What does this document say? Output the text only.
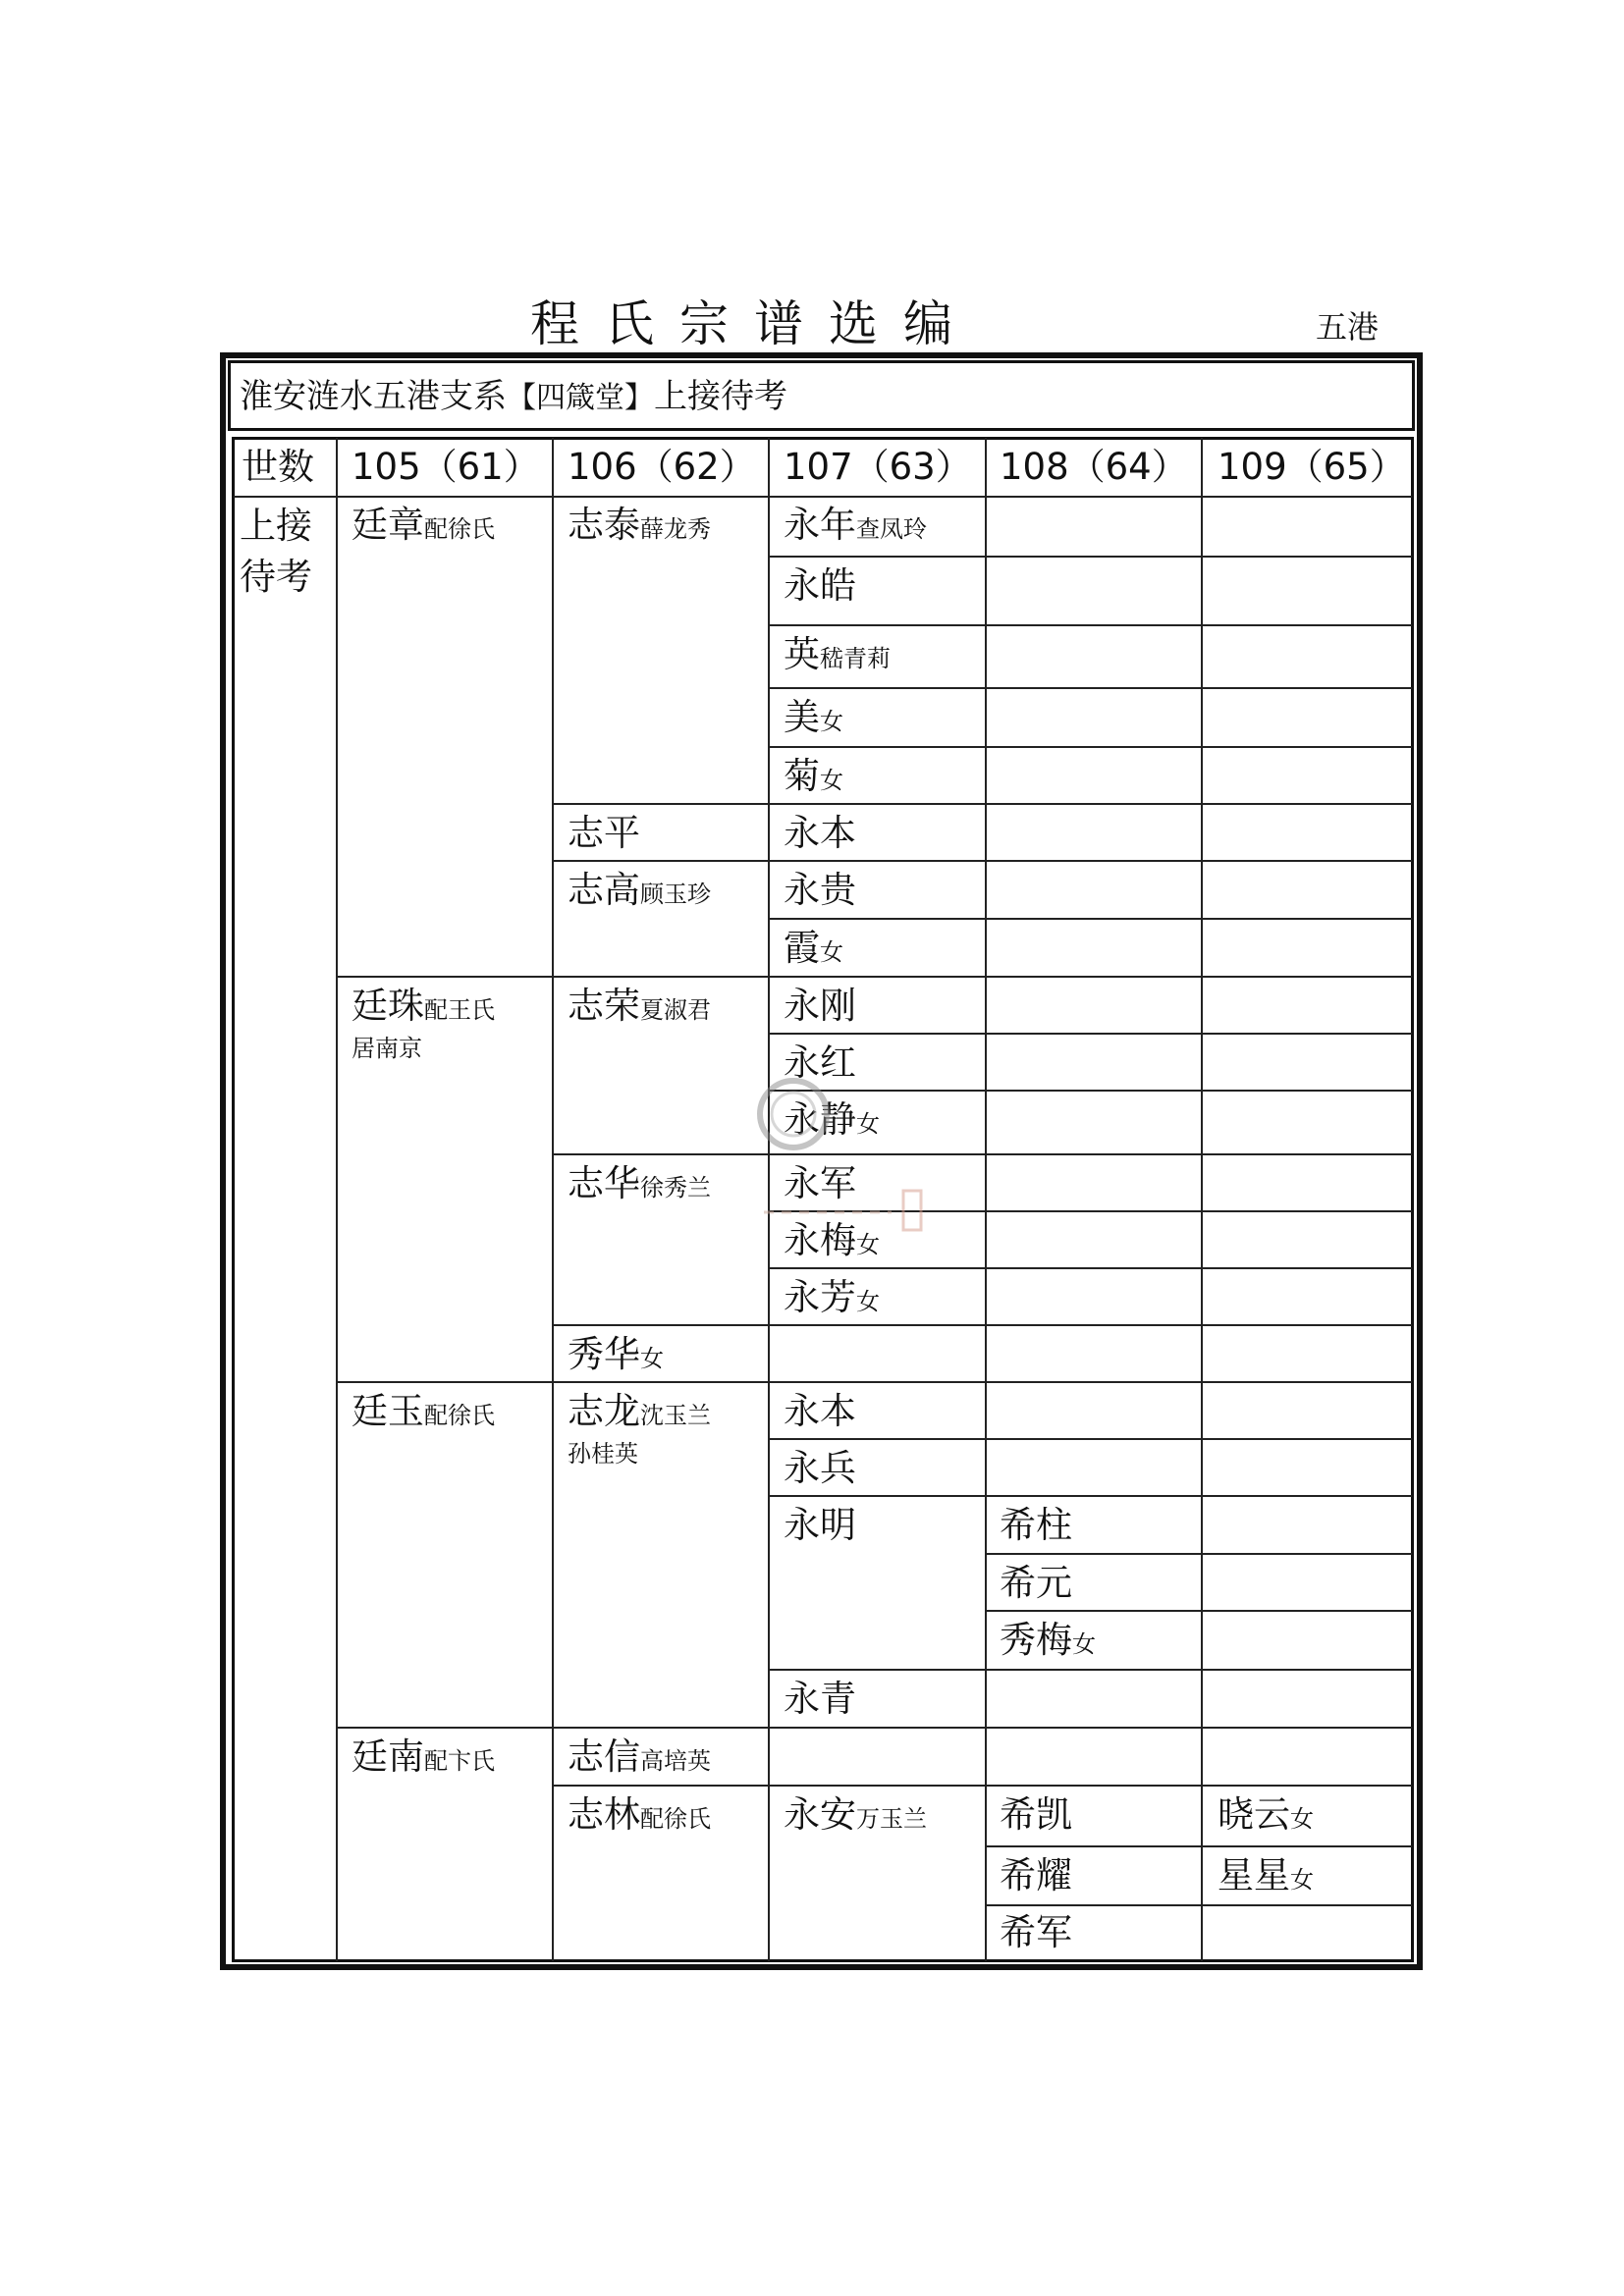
程氏宗谱选编	五港
淮安涟水五港支系【四箴堂】上接待考
世数 105（61） 106（62） 107（63） 108（64） 109（65）
上接待考
廷章配徐氏
廷珠配王氏
居南京
廷玉配徐氏
廷南配卞氏
志泰薛龙秀
志平
志高顾玉珍
志荣夏淑君
志华徐秀兰
秀华女
志龙沈玉兰
孙桂英
志信高培英
志林配徐氏
永年查凤玲
永皓
英嵇青莉
美女
菊女
永本
永贵
霞女
永刚
永红
永静女
永军
永梅女
永芳女
永本
永兵
永明
永青
永安万玉兰
希柱
希元
秀梅女
希凯
希耀
希军
晓云女
星星女
